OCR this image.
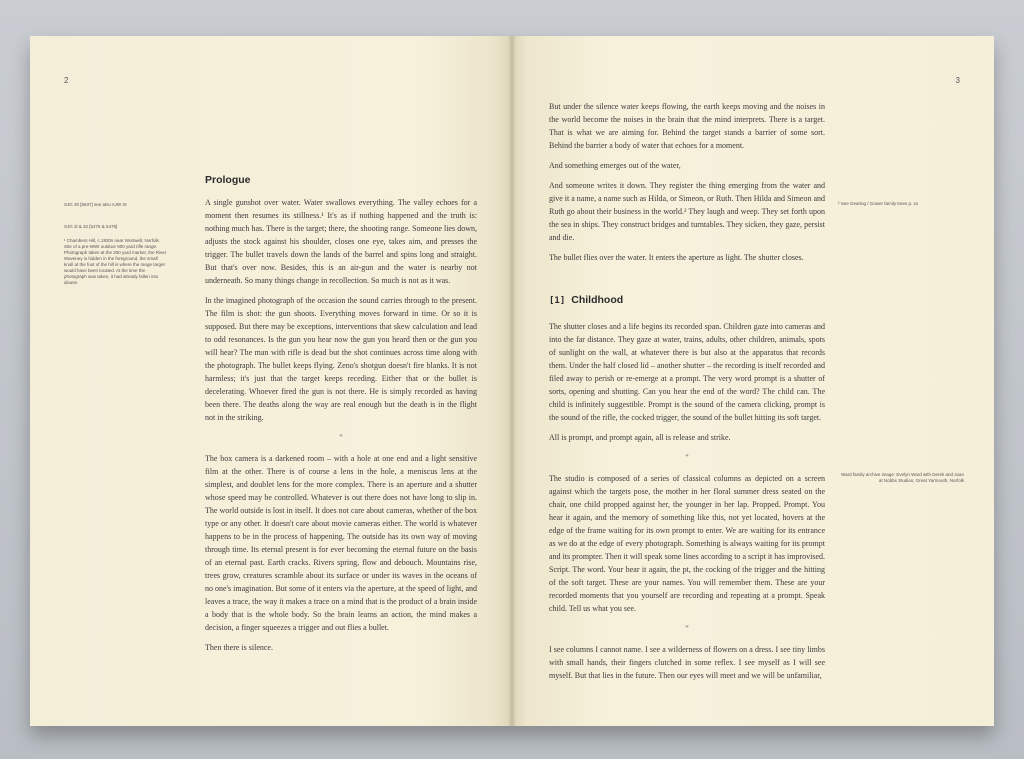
2
SJG 30 [5637] see also AJW IX
SJG 3i & 32 [5476 & 5475]
¹ Chambers Hill, c.1930s near Wortwell, Norfolk. Site of a pre-WWI outdoor 900 yard rifle range. Photograph taken at the 200 yard marker, the River Waveney is hidden in the foreground, the small knoll at the foot of the hill is where the range target would have been located. At the time the photograph was taken, it had already fallen into disuse.
Prologue

A single gunshot over water. Water swallows everything. The valley echoes for a moment then resumes its stillness.¹ It's as if nothing happened and the truth is: nothing much has. There is the target; there, the shooting range. Someone lies down, adjusts the stock against his shoulder, closes one eye, takes aim, and presses the trigger. The bullet travels down the lands of the barrel and spins long and straight. But that's over now. Besides, this is an air-gun and the water is nearby not underneath. So many things change in recollection. So much is not as it was.

In the imagined photograph of the occasion the sound carries through to the present. The film is shot: the gun shoots. Everything moves forward in time. Or so it is supposed. But there may be exceptions, interventions that skew calculation and lead to odd resonances. Is the gun you hear now the gun you heard then or the gun you will hear? The man with rifle is dead but the shot continues across time along with the photograph. The bullet keeps flying. Zeno's shotgun doesn't fire blanks. It is not harmless; it's just that the target keeps receding. Either that or the bullet is decelerating. Whoever fired the gun is not there. He is simply recorded as having been there. The deaths along the way are real enough but the death is in the flight not in the striking.

*

The box camera is a darkened room – with a hole at one end and a light sensitive film at the other. There is of course a lens in the hole, a meniscus lens at the simplest, and doublet lens for the more complex. There is an aperture and a shutter whose speed may be controlled. Whatever is out there does not have long to slip in. The world outside is lost in itself. It does not care about cameras, whether of the box type or any other. It doesn't care about movie cameras either. The world is whatever happens to be in the process of happening. The outside has its own way of moving through time. Its eternal present is for ever becoming the eternal future on the basis of an eternal past. Earth cracks. Rivers spring, flow and debouch. Mountains rise, trees grow, creatures scramble about its surface or under its waves in the oceans of no one's imagination. But some of it enters via the aperture, at the speed of light, and leaves a trace, the way it makes a trace on a mind that is the product of a brain inside a body that is the whole body. So the brain learns an action, the mind makes a decision, a finger squeezes a trigger and out flies a bullet.

Then there is silence.

3
² See Gearing / Gower family trees p. xx
Ward family archive image: Evelyn Ward with Derek and Joan at Nobbs Studios, Great Yarmouth, Norfolk

But under the silence water keeps flowing, the earth keeps moving and the noises in the world become the noises in the brain that the mind interprets. There is a target. That is what we are aiming for. Behind the target stands a barrier of some sort. Behind the barrier a body of water that echoes for a moment.

And something emerges out of the water,

And someone writes it down. They register the thing emerging from the water and give it a name, a name such as Hilda, or Simeon, or Ruth. Then Hilda and Simeon and Ruth go about their business in the world.² They laugh and weep. They set forth upon the sea in ships. They construct bridges and turntables. They sicken, they gaze, persist and die.

The bullet flies over the water. It enters the aperture as light. The shutter closes.

[1] Childhood

The shutter closes and a life begins its recorded span. Children gaze into cameras and into the far distance. They gaze at water, trains, adults, other children, animals, spots of sunlight on the wall, at whatever there is but also at the apparatus that records them. Under the half closed lid – another shutter – the recording is itself recorded and filed away to perish or re-emerge at a prompt. The very word prompt is a shutter of sorts, opening and shutting. Can you hear the end of the word? The child can. The child is infinitely suggestible. Prompt is the sound of the camera clicking, prompt is the sound of the rifle, the cocked trigger, the sound of the bullet hitting its soft target.

All is prompt, and prompt again, all is release and strike.

*

The studio is composed of a series of classical columns as depicted on a screen against which the targets pose, the mother in her floral summer dress seated on the chair, one child propped against her, the younger in her lap. Propped. Prompt. You hear it again, and the memory of something like this, not yet located, hovers at the edge of the frame waiting for its own prompt to enter. We are waiting for its entrance as we do at the edge of every photograph. Something is always waiting for its prompt and its prompter. Then it will speak some lines according to a script it has improvised. Script. The word. Your hear it again, the pt, the cocking of the trigger and the hitting of the soft target. These are your names. You will remember them. These are your recorded moments that you yourself are recording and repeating at a prompt. Speak child. Tell us what you see.

*

I see columns I cannot name. I see a wilderness of flowers on a dress. I see tiny limbs with small hands, their fingers clutched in some reflex. I see myself as I will see myself. But that lies in the future. Then our eyes will meet and we will be unfamiliar,
